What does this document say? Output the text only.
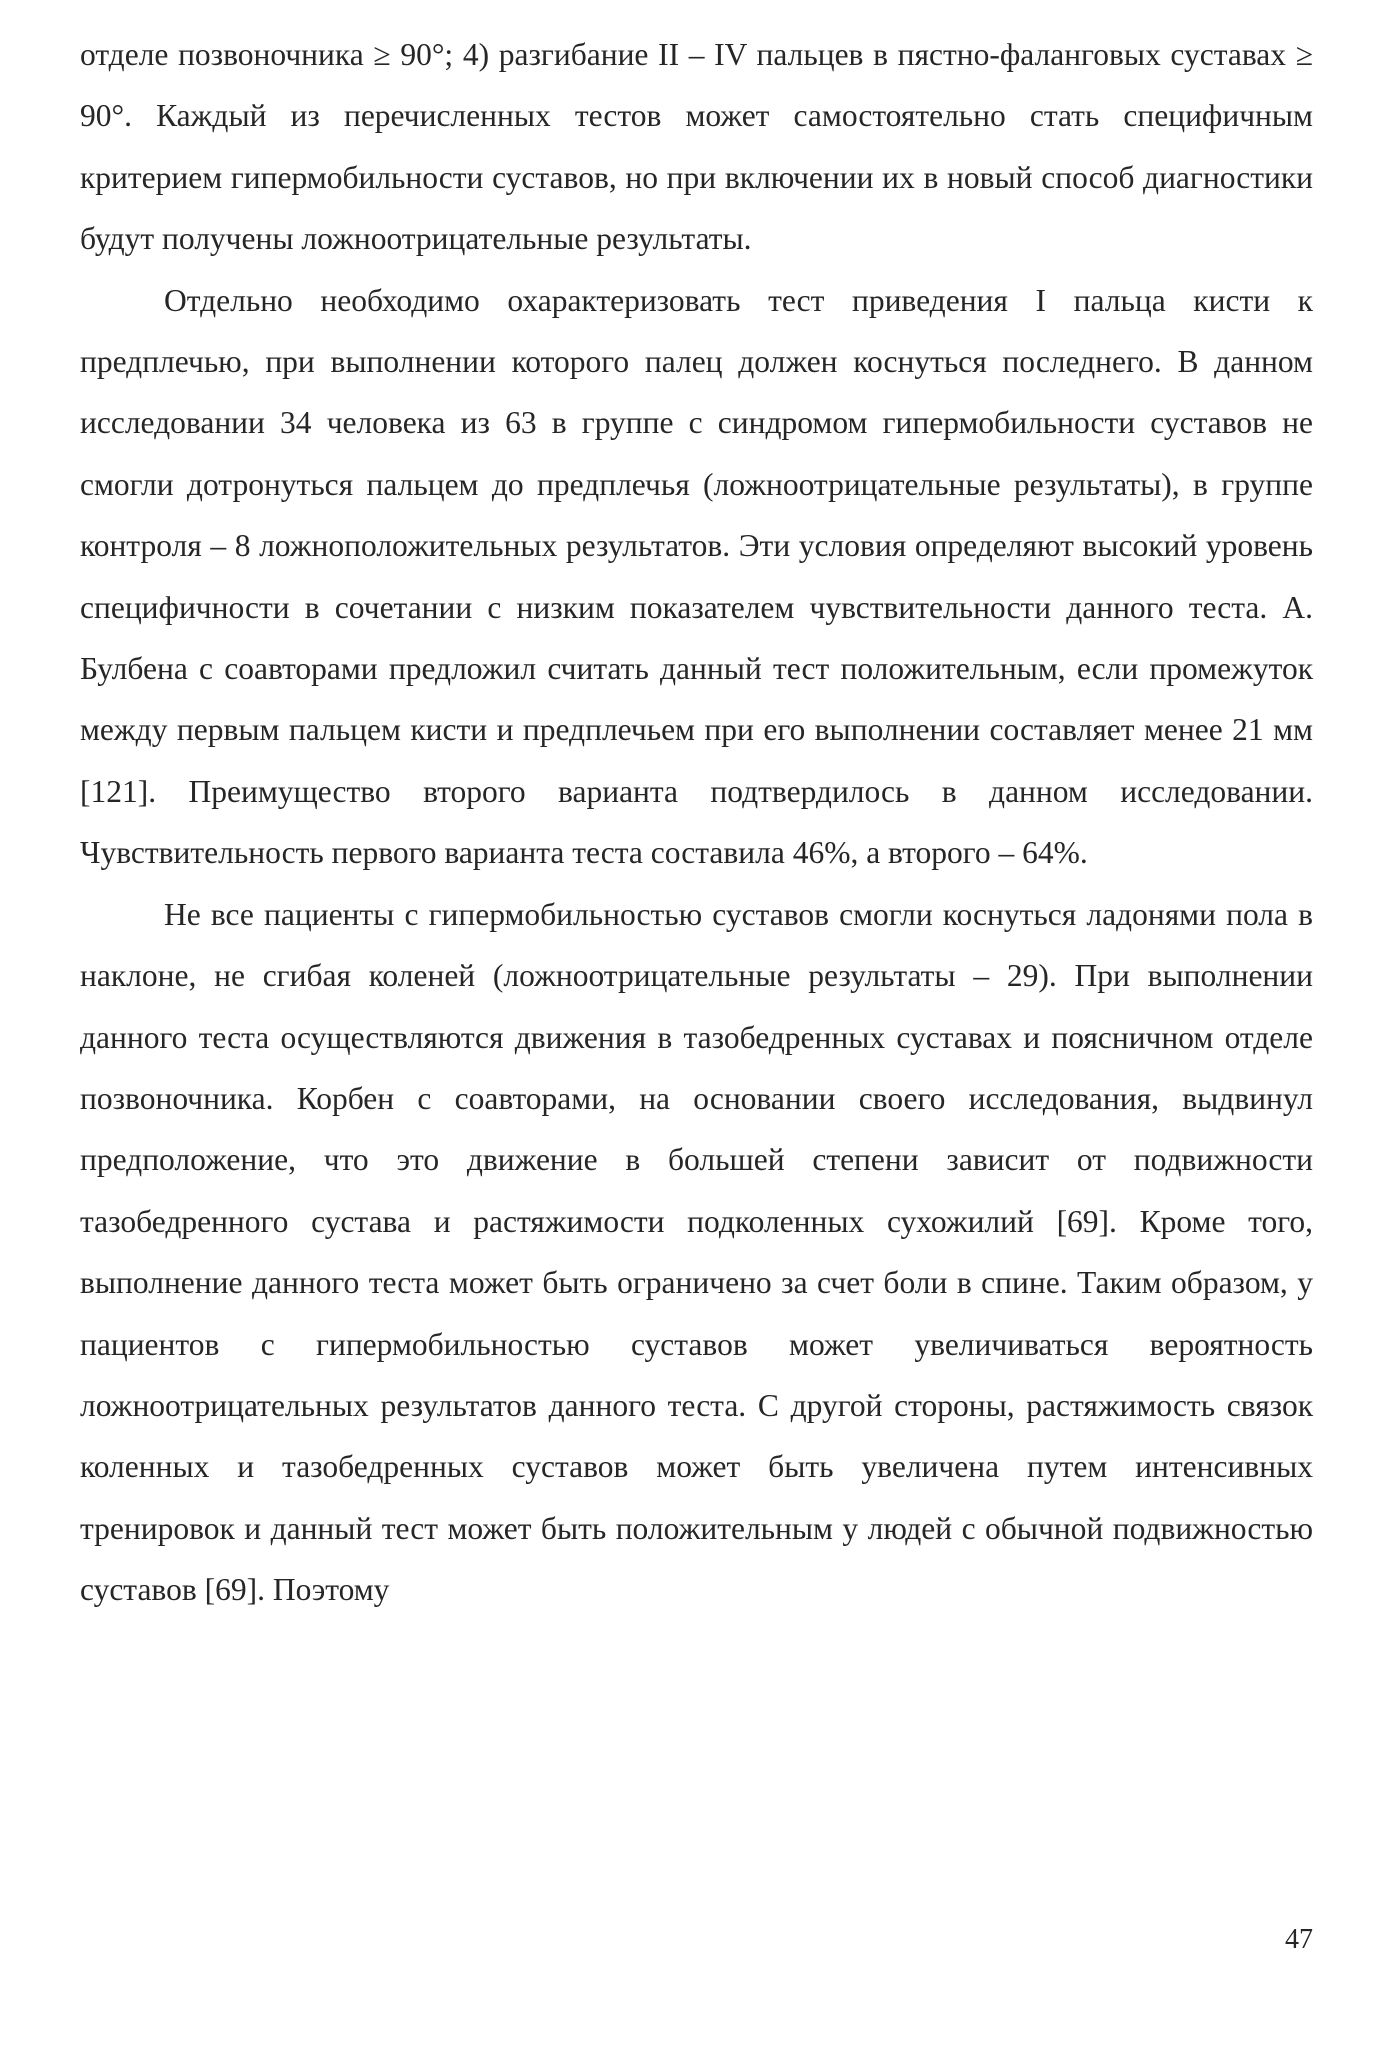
отделе позвоночника ≥ 90°; 4) разгибание II – IV пальцев в пястно-фаланговых суставах ≥ 90°. Каждый из перечисленных тестов может самостоятельно стать специфичным критерием гипермобильности суставов, но при включении их в новый способ диагностики будут получены ложноотрицательные результаты.

Отдельно необходимо охарактеризовать тест приведения I пальца кисти к предплечью, при выполнении которого палец должен коснуться последнего. В данном исследовании 34 человека из 63 в группе с синдромом гипермобильности суставов не смогли дотронуться пальцем до предплечья (ложноотрицательные результаты), в группе контроля – 8 ложноположительных результатов. Эти условия определяют высокий уровень специфичности в сочетании с низким показателем чувствительности данного теста. А. Булбена с соавторами предложил считать данный тест положительным, если промежуток между первым пальцем кисти и предплечьем при его выполнении составляет менее 21 мм [121]. Преимущество второго варианта подтвердилось в данном исследовании. Чувствительность первого варианта теста составила 46%, а второго – 64%.

Не все пациенты с гипермобильностью суставов смогли коснуться ладонями пола в наклоне, не сгибая коленей (ложноотрицательные результаты – 29). При выполнении данного теста осуществляются движения в тазобедренных суставах и поясничном отделе позвоночника. Корбен с соавторами, на основании своего исследования, выдвинул предположение, что это движение в большей степени зависит от подвижности тазобедренного сустава и растяжимости подколенных сухожилий [69]. Кроме того, выполнение данного теста может быть ограничено за счет боли в спине. Таким образом, у пациентов с гипермобильностью суставов может увеличиваться вероятность ложноотрицательных результатов данного теста. С другой стороны, растяжимость связок коленных и тазобедренных суставов может быть увеличена путем интенсивных тренировок и данный тест может быть положительным у людей с обычной подвижностью суставов [69]. Поэтому

47
